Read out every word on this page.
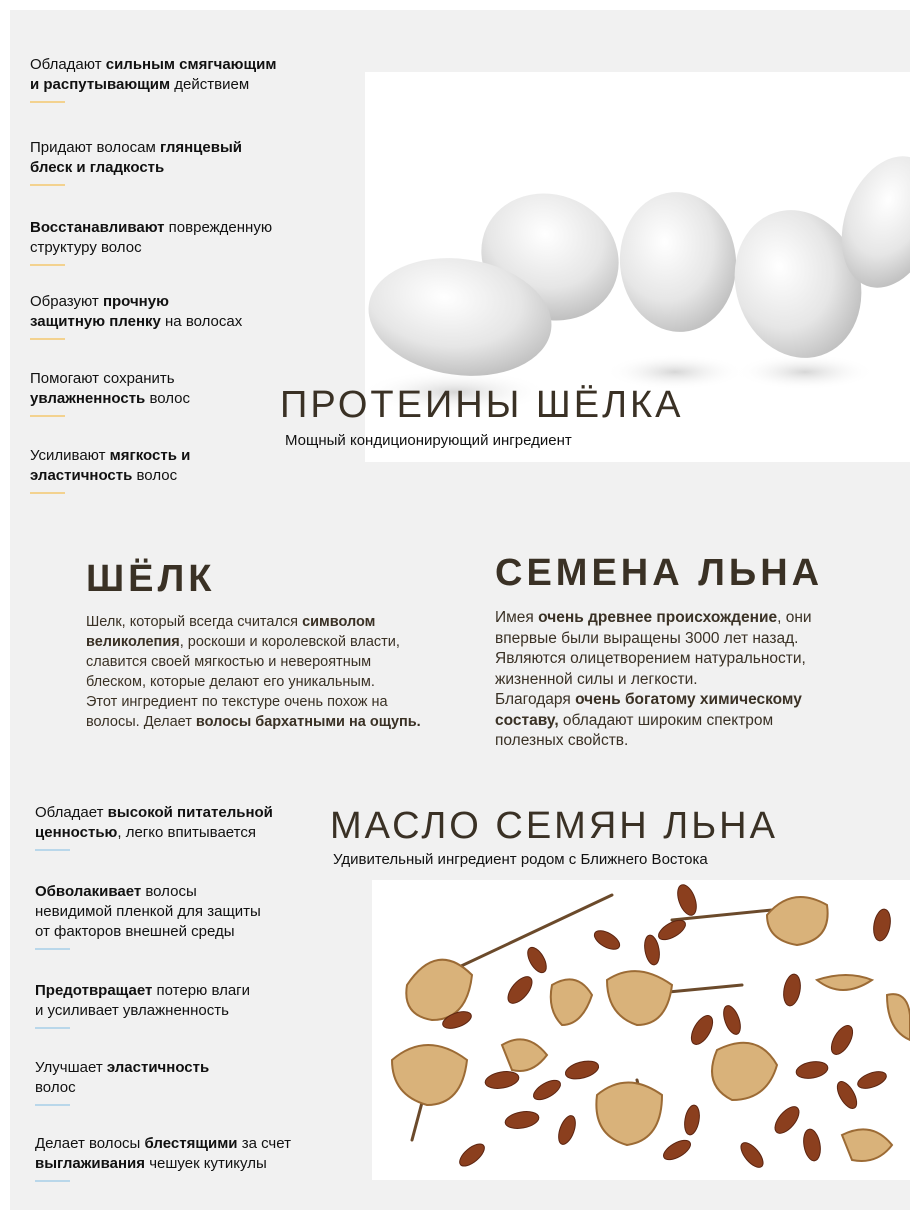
Обладают сильным смягчающим
и распутывающим действием
Придают волосам глянцевый
блеск и гладкость
Восстанавливают поврежденную
структуру волос
Образуют прочную
защитную пленку на волосах
Помогают сохранить
увлажненность волос
Усиливают мягкость и
эластичность волос
ПРОТЕИНЫ ШЁЛКА
Мощный кондиционирующий ингредиент
ШЁЛК
Шелк, который всегда считался символом
великолепия, роскоши и королевской власти,
славится своей мягкостью и невероятным
блеском, которые делают его уникальным.
Этот ингредиент по текстуре очень похож на
волосы. Делает волосы бархатными на ощупь.
СЕМЕНА ЛЬНА
Имея очень древнее происхождение, они
впервые были выращены 3000 лет назад.
Являются олицетворением натуральности,
жизненной силы и легкости.
Благодаря очень богатому химическому
составу, обладают широким спектром
полезных свойств.
МАСЛО СЕМЯН ЛЬНА
Удивительный ингредиент родом с Ближнего Востока
Обладает высокой питательной
ценностью, легко впитывается
Обволакивает волосы
невидимой пленкой для защиты
от факторов внешней среды
Предотвращает потерю влаги
и усиливает увлажненность
Улучшает эластичность
волос
Делает волосы блестящими за счет
выглаживания чешуек кутикулы
